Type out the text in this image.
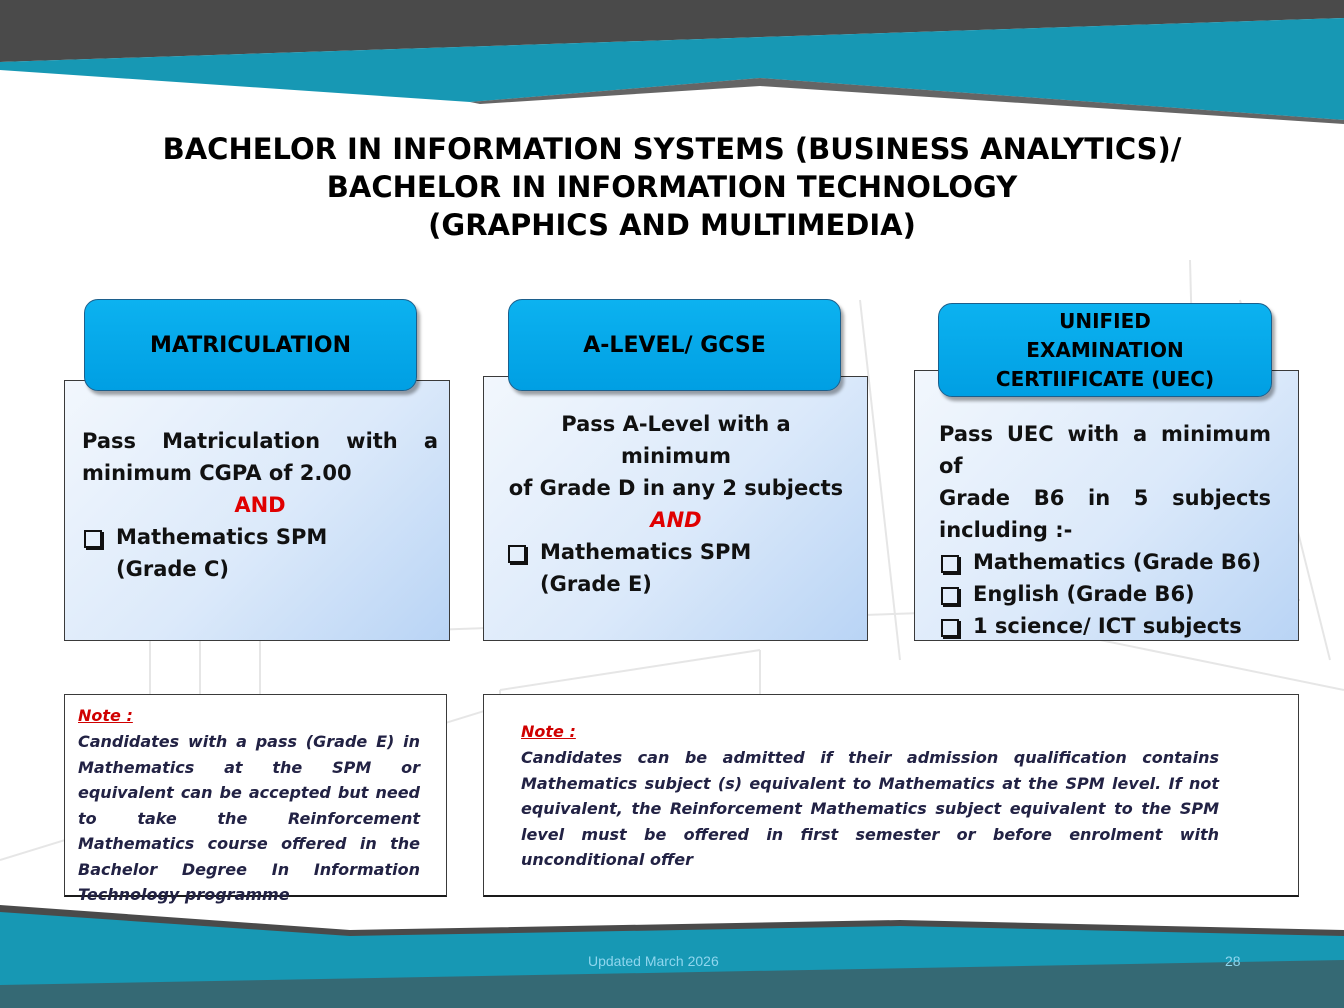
BACHELOR IN INFORMATION SYSTEMS (BUSINESS ANALYTICS)/
BACHELOR IN INFORMATION TECHNOLOGY
(GRAPHICS AND MULTIMEDIA)
MATRICULATION
Pass Matriculation with a
minimum CGPA of 2.00
AND
Mathematics SPM
(Grade C)
A-LEVEL/ GCSE
Pass A-Level with a minimum
of Grade D in any 2 subjects
AND
Mathematics SPM
(Grade E)
UNIFIED
EXAMINATION
CERTIIFICATE (UEC)
Pass UEC with a minimum of
Grade B6 in 5 subjects
including :-
Mathematics (Grade B6)
English (Grade B6)
1 science/ ICT subjects
Note :
Candidates with a pass (Grade E) in Mathematics at the SPM or equivalent can be accepted but need to take the Reinforcement Mathematics course offered in the Bachelor Degree In Information Technology programme
Note :
Candidates can be admitted if their admission qualification contains Mathematics subject (s) equivalent to Mathematics at the SPM level. If not equivalent, the Reinforcement Mathematics subject equivalent to the SPM level must be offered in first semester or before enrolment with unconditional offer
Updated March 2026	28
